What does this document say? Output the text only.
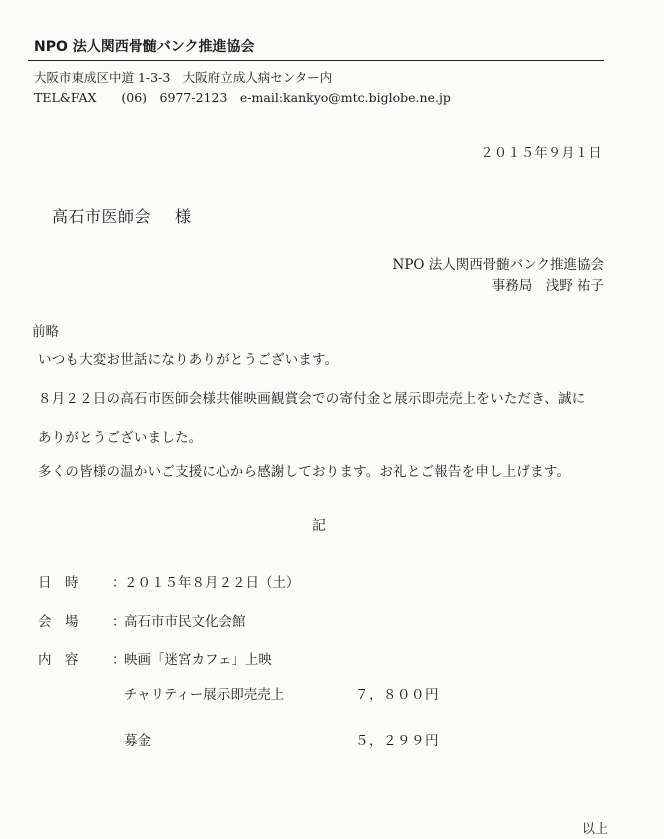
NPO 法人関西骨髄バンク推進協会
大阪市東成区中道 1-3-3　大阪府立成人病センター内
TEL&FAX　　(06)　6977-2123　e-mail:kankyo@mtc.biglobe.ne.jp
２０１５年９月１日
高石市医師会 様
NPO 法人関西骨髄バンク推進協会
事務局　浅野 祐子
前略
いつも大変お世話になりありがとうございます。
８月２２日の高石市医師会様共催映画観賞会での寄付金と展示即売売上をいただき、誠に
ありがとうございました。
多くの皆様の温かいご支援に心から感謝しております。お礼とご報告を申し上げます。
記
日　時 ：
２０１５年８月２２日（土）
会　場 ：
高石市市民文化会館
内　容 ：
映画「迷宮カフェ」上映
チャリティー展示即売売上	７，８００円
募金	５，２９９円
以上
